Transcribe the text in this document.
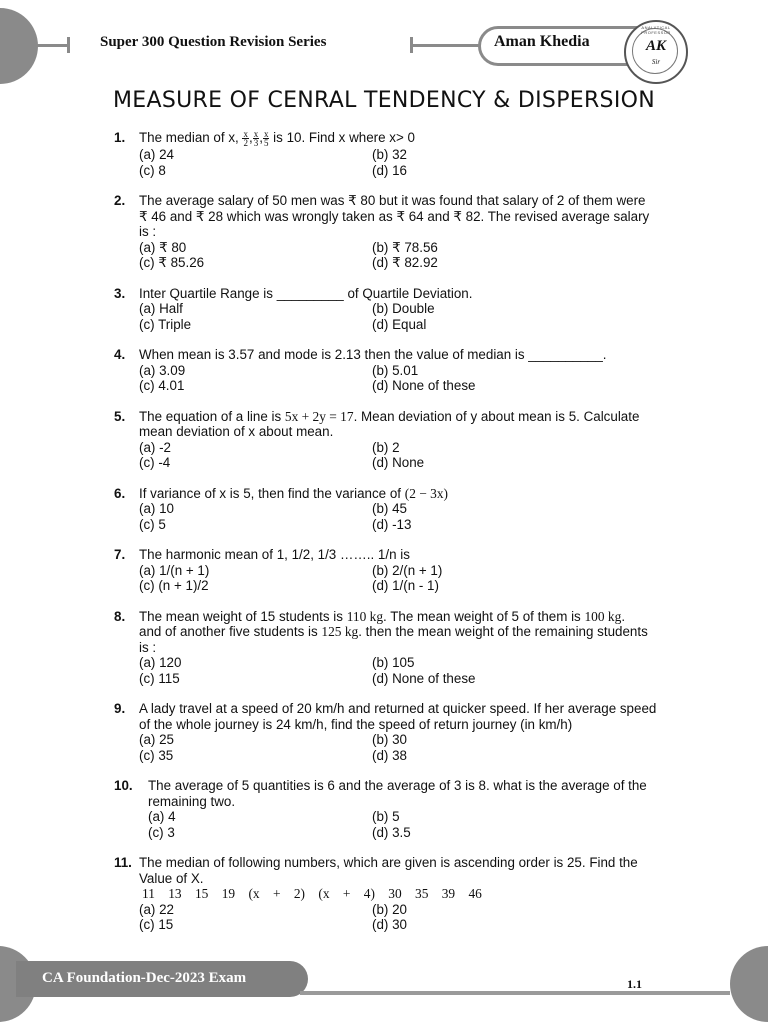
Super 300 Question Revision Series	Aman Khedia
ANALYTICAL PROFESSOR
AK
Sir
MEASURE OF CENRAL TENDENCY & DISPERSION
1. The median of x, $\frac{x}{2}$ , $\frac{x}{3}$ , $\frac{x}{5}$ is 10. Find x where x> 0
(a) 24	(b) 32
(c) 8	(d) 16
2. The average salary of 50 men was ₹ 80 but it was found that salary of 2 of them were
₹ 46 and ₹ 28 which was wrongly taken as ₹ 64 and ₹ 82. The revised average salary
is :
(a) ₹ 80	(b) ₹ 78.56
(c) ₹ 85.26	(d) ₹ 82.92
3. Inter Quartile Range is _________ of Quartile Deviation.
(a) Half	(b) Double
(c) Triple	(d) Equal
4. When mean is 3.57 and mode is 2.13 then the value of median is __________.
(a) 3.09	(b) 5.01
(c) 4.01	(d) None of these
5. The equation of a line is 5x + 2y = 17. Mean deviation of y about mean is 5. Calculate
mean deviation of x about mean.
(a) -2	(b) 2
(c) -4	(d) None
6. If variance of x is 5, then find the variance of (2 − 3x)
(a) 10	(b) 45
(c) 5	(d) -13
7. The harmonic mean of 1, 1/2, 1/3 …….. 1/n is
(a) 1/(n + 1)	(b) 2/(n + 1)
(c) (n + 1)/2	(d) 1/(n - 1)
8. The mean weight of 15 students is 110 kg. The mean weight of 5 of them is 100 kg.
and of another five students is 125 kg. then the mean weight of the remaining students
is :
(a) 120	(b) 105
(c) 115	(d) None of these
9. A lady travel at a speed of 20 km/h and returned at quicker speed. If her average speed
of the whole journey is 24 km/h, find the speed of return journey (in km/h)
(a) 25	(b) 30
(c) 35	(d) 38
10. The average of 5 quantities is 6 and the average of 3 is 8. what is the average of the
remaining two.
(a) 4	(b) 5
(c) 3	(d) 3.5
11. The median of following numbers, which are given is ascending order is 25. Find the
Value of X.
11 13 15 19 (x + 2) (x + 4) 30 35 39 46
(a) 22	(b) 20
(c) 15	(d) 30
CA Foundation-Dec-2023 Exam	1.1
